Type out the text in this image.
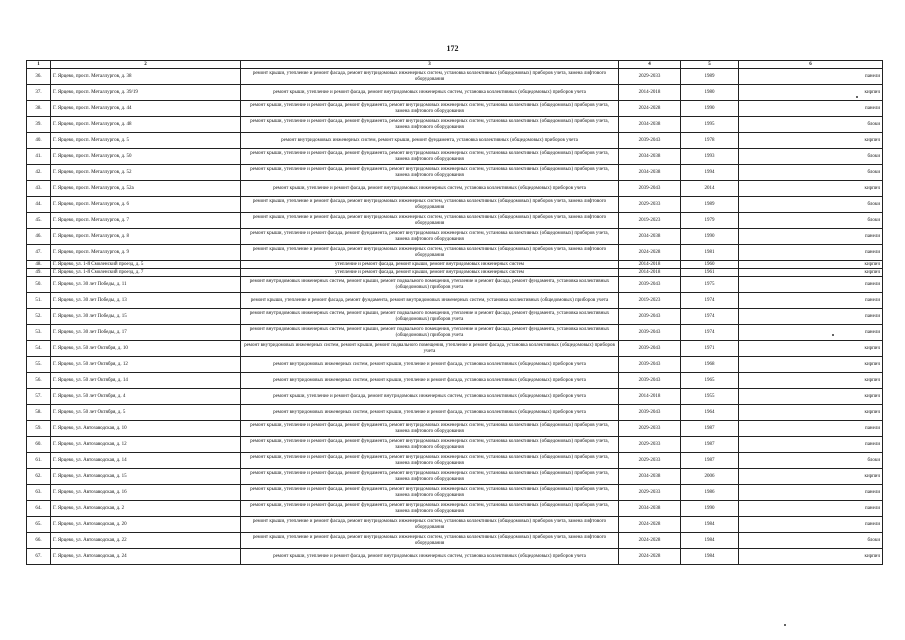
172
1	2	3	4	5	6
36.	Г. Ярцево, просп. Металлургов, д. 38	ремонт крыши, утепление и ремонт фасада, ремонт внутридомовых инженерных систем, установка коллективных (общедомовых) приборов учета, замена лифтового оборудования	2029-2033	1989	панели
37.	Г. Ярцево, просп. Металлургов, д. 39/19	ремонт крыши, утепление и ремонт фасада, ремонт внутридомовых инженерных систем, установка коллективных (общедомовых) приборов учета	2014-2018	1980	кирпич
38.	Г. Ярцево, просп. Металлургов, д. 44	ремонт крыши, утепление и ремонт фасада, ремонт фундамента, ремонт внутридомовых инженерных систем, установка коллективных (общедомовых) приборов учета, замена лифтового оборудования	2024-2028	1990	панели
39.	Г. Ярцево, просп. Металлургов, д. 48	ремонт крыши, утепление и ремонт фасада, ремонт фундамента, ремонт внутридомовых инженерных систем, установка коллективных (общедомовых) приборов учета, замена лифтового оборудования	2034-2038	1995	блоки
40.	Г. Ярцево, просп. Металлургов, д. 5	ремонт внутридомовых инженерных систем, ремонт крыши, ремонт фундамента, установка коллективных (общедомовых) приборов учета	2039-2043	1978	кирпич
41.	Г. Ярцево, просп. Металлургов, д. 50	ремонт крыши, утепление и ремонт фасада, ремонт фундамента, ремонт внутридомовых инженерных систем, установка коллективных (общедомовых) приборов учета, замена лифтового оборудования	2034-2038	1993	блоки
42.	Г. Ярцево, просп. Металлургов, д. 52	ремонт крыши, утепление и ремонт фасада, ремонт фундамента, ремонт внутридомовых инженерных систем, установка коллективных (общедомовых) приборов учета, замена лифтового оборудования	2034-2038	1994	блоки
43.	Г. Ярцево, просп. Металлургов, д. 52а	ремонт крыши, утепление и ремонт фасада, ремонт внутридомовых инженерных систем, установка коллективных (общедомовых) приборов учета	2039-2043	2014	кирпич
44.	Г. Ярцево, просп. Металлургов, д. 6	ремонт крыши, утепление и ремонт фасада, ремонт внутридомовых инженерных систем, установка коллективных (общедомовых) приборов учета, замена лифтового оборудования	2029-2033	1989	блоки
45.	Г. Ярцево, просп. Металлургов, д. 7	ремонт крыши, утепление и ремонт фасада, ремонт внутридомовых инженерных систем, установка коллективных (общедомовых) приборов учета, замена лифтового оборудования	2019-2023	1979	блоки
46.	Г. Ярцево, просп. Металлургов, д. 8	ремонт крыши, утепление и ремонт фасада, ремонт фундамента, ремонт внутридомовых инженерных систем, установка коллективных (общедомовых) приборов учета, замена лифтового оборудования	2034-2038	1990	панели
47.	Г. Ярцево, просп. Металлургов, д. 9	ремонт крыши, утепление и ремонт фасада, ремонт внутридомовых инженерных систем, установка коллективных (общедомовых) приборов учета, замена лифтового оборудования	2024-2028	1981	панели
48.	Г. Ярцево, ул. 1-й Смоленский проезд, д. 5	утепление и ремонт фасада, ремонт крыши, ремонт внутридомовых инженерных систем	2014-2018	1960	кирпич
49.	Г. Ярцево, ул. 1-й Смоленский проезд, д. 7	утепление и ремонт фасада, ремонт крыши, ремонт внутридомовых инженерных систем	2014-2018	1961	кирпич
50.	Г. Ярцево, ул. 30 лет Победы, д. 11	ремонт внутридомовых инженерных систем, ремонт крыши, ремонт подвального помещения, утепление и ремонт фасада, ремонт фундамента, установка коллективных (общедомовых) приборов учета	2039-2043	1975	панели
51.	Г. Ярцево, ул. 30 лет Победы, д. 13	ремонт крыши, утепление и ремонт фасада, ремонт фундамента, ремонт внутридомовых инженерных систем, установка коллективных (общедомовых) приборов учета	2019-2023	1974	панели
52.	Г. Ярцево, ул. 30 лет Победы, д. 15	ремонт внутридомовых инженерных систем, ремонт крыши, ремонт подвального помещения, утепление и ремонт фасада, ремонт фундамента, установка коллективных (общедомовых) приборов учета	2039-2043	1974	панели
53.	Г. Ярцево, ул. 30 лет Победы, д. 17	ремонт внутридомовых инженерных систем, ремонт крыши, ремонт подвального помещения, утепление и ремонт фасада, ремонт фундамента, установка коллективных (общедомовых) приборов учета	2039-2043	1974	панели
54.	Г. Ярцево, ул. 50 лет Октября, д. 10	ремонт внутридомовых инженерных систем, ремонт крыши, ремонт подвального помещения, утепление и ремонт фасада, установка коллективных (общедомовых) приборов учета	2039-2043	1971	кирпич
55.	Г. Ярцево, ул. 50 лет Октября, д. 12	ремонт внутридомовых инженерных систем, ремонт крыши, утепление и ремонт фасада, установка коллективных (общедомовых) приборов учета	2039-2043	1968	кирпич
56.	Г. Ярцево, ул. 50 лет Октября, д. 14	ремонт внутридомовых инженерных систем, ремонт крыши, утепление и ремонт фасада, установка коллективных (общедомовых) приборов учета	2039-2043	1965	кирпич
57.	Г. Ярцево, ул. 50 лет Октября, д. 4	ремонт крыши, утепление и ремонт фасада, ремонт внутридомовых инженерных систем, установка коллективных (общедомовых) приборов учета	2014-2018	1955	кирпич
58.	Г. Ярцево, ул. 50 лет Октября, д. 5	ремонт внутридомовых инженерных систем, ремонт крыши, утепление и ремонт фасада, установка коллективных (общедомовых) приборов учета	2039-2043	1964	кирпич
59.	Г. Ярцево, ул. Автозаводская, д. 10	ремонт крыши, утепление и ремонт фасада, ремонт фундамента, ремонт внутридомовых инженерных систем, установка коллективных (общедомовых) приборов учета, замена лифтового оборудования	2029-2033	1987	панели
60.	Г. Ярцево, ул. Автозаводская, д. 12	ремонт крыши, утепление и ремонт фасада, ремонт фундамента, ремонт внутридомовых инженерных систем, установка коллективных (общедомовых) приборов учета, замена лифтового оборудования	2029-2033	1987	панели
61.	Г. Ярцево, ул. Автозаводская, д. 14	ремонт крыши, утепление и ремонт фасада, ремонт фундамента, ремонт внутридомовых инженерных систем, установка коллективных (общедомовых) приборов учета, замена лифтового оборудования	2029-2033	1987	блоки
62.	Г. Ярцево, ул. Автозаводская, д. 15	ремонт крыши, утепление и ремонт фасада, ремонт фундамента, ремонт внутридомовых инженерных систем, установка коллективных (общедомовых) приборов учета, замена лифтового оборудования	2034-2038	2006	кирпич
63.	Г. Ярцево, ул. Автозаводская, д. 16	ремонт крыши, утепление и ремонт фасада, ремонт фундамента, ремонт внутридомовых инженерных систем, установка коллективных (общедомовых) приборов учета, замена лифтового оборудования	2029-2033	1986	панели
64.	Г. Ярцево, ул. Автозаводская, д. 2	ремонт крыши, утепление и ремонт фасада, ремонт фундамента, ремонт внутридомовых инженерных систем, установка коллективных (общедомовых) приборов учета, замена лифтового оборудования	2034-2038	1990	панели
65.	Г. Ярцево, ул. Автозаводская, д. 20	ремонт крыши, утепление и ремонт фасада, ремонт внутридомовых инженерных систем, установка коллективных (общедомовых) приборов учета, замена лифтового оборудования	2024-2028	1984	панели
66.	Г. Ярцево, ул. Автозаводская, д. 22	ремонт крыши, утепление и ремонт фасада, ремонт внутридомовых инженерных систем, установка коллективных (общедомовых) приборов учета, замена лифтового оборудования	2024-2028	1984	блоки
67.	Г. Ярцево, ул. Автозаводская, д. 24	ремонт крыши, утепление и ремонт фасада, ремонт внутридомовых инженерных систем, установка коллективных (общедомовых) приборов учета	2024-2028	1984	кирпич
